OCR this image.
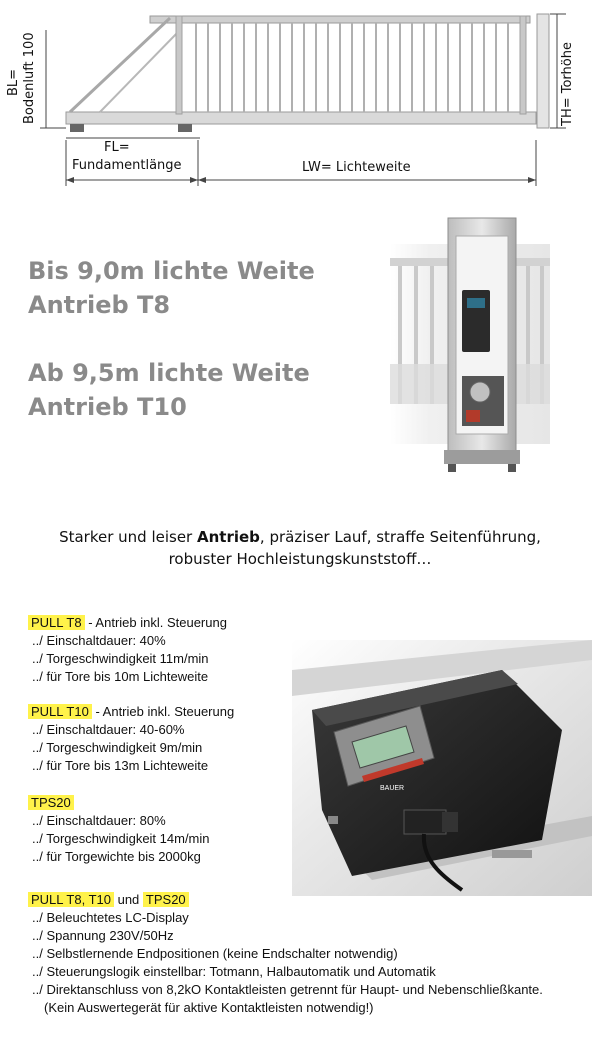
BL= Bodenluft 100	TH= Torhöhe
FL=
Fundamentlänge	LW= Lichteweite
Bis 9,0m lichte Weite
Antrieb T8
Ab 9,5m lichte Weite
Antrieb T10
Starker und leiser Antrieb, präziser Lauf, straffe Seitenführung,
robuster Hochleistungskunststoff…
BAUER
PULL T8 - Antrieb inkl. Steuerung
../ Einschaltdauer: 40%
../ Torgeschwindigkeit 11m/min
../ für Tore bis 10m Lichteweite
PULL T10 - Antrieb inkl. Steuerung
../ Einschaltdauer: 40-60%
../ Torgeschwindigkeit 9m/min
../ für Tore bis 13m Lichteweite
TPS20
../ Einschaltdauer: 80%
../ Torgeschwindigkeit 14m/min
../ für Torgewichte bis 2000kg
PULL T8, T10 und TPS20
../ Beleuchtetes LC-Display
../ Spannung 230V/50Hz
../ Selbstlernende Endpositionen (keine Endschalter notwendig)
../ Steuerungslogik einstellbar: Totmann, Halbautomatik und Automatik
../ Direktanschluss von 8,2kO Kontaktleisten getrennt für Haupt- und Nebenschließkante.
(Kein Auswertegerät für aktive Kontaktleisten notwendig!)
